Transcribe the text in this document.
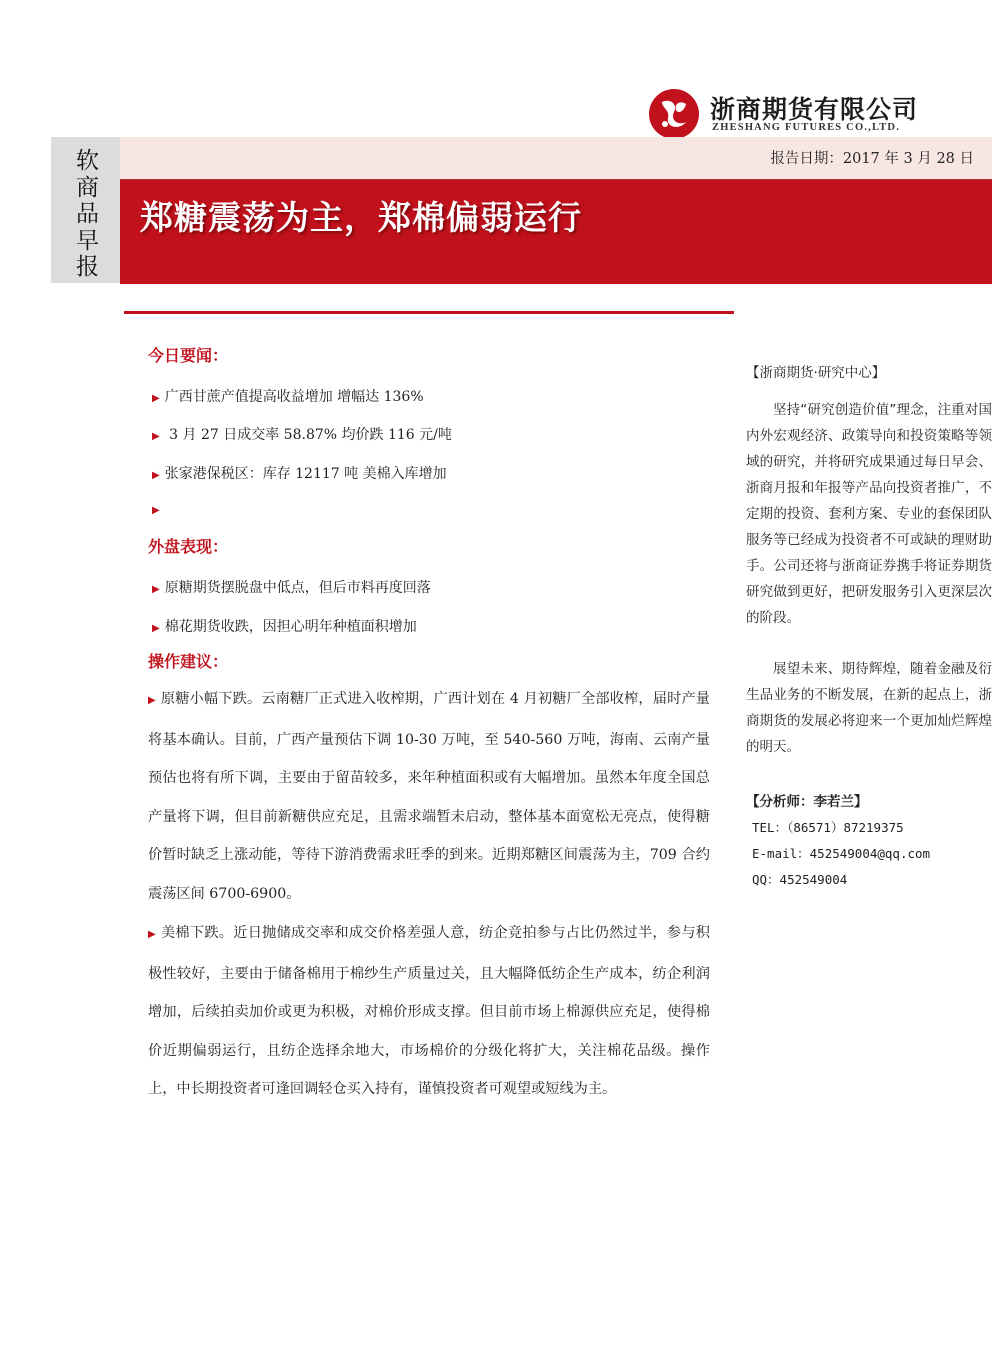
浙商期货有限公司
ZHESHANG FUTURES CO.,LTD.
报告日期：2017 年 3 月 28 日
软商品早报
郑糖震荡为主，郑棉偏弱运行
今日要闻：
▶ 广西甘蔗产值提高收益增加 增幅达 136%
▶ 3 月 27 日成交率 58.87% 均价跌 116 元/吨
▶ 张家港保税区：库存 12117 吨 美棉入库增加
▶
外盘表现：
▶ 原糖期货摆脱盘中低点，但后市料再度回落
▶ 棉花期货收跌，因担心明年种植面积增加
操作建议：
▶ 原糖小幅下跌。云南糖厂正式进入收榨期，广西计划在 4 月初糖厂全部收榨，届时产量将基本确认。目前，广西产量预估下调 10-30 万吨，至 540-560 万吨，海南、云南产量预估也将有所下调，主要由于留苗较多，来年种植面积或有大幅增加。虽然本年度全国总产量将下调，但目前新糖供应充足，且需求端暂未启动，整体基本面宽松无亮点，使得糖价暂时缺乏上涨动能，等待下游消费需求旺季的到来。近期郑糖区间震荡为主，709 合约震荡区间 6700-6900。
▶ 美棉下跌。近日抛储成交率和成交价格差强人意，纺企竞拍参与占比仍然过半，参与积极性较好，主要由于储备棉用于棉纱生产质量过关，且大幅降低纺企生产成本，纺企利润增加，后续拍卖加价或更为积极，对棉价形成支撑。但目前市场上棉源供应充足，使得棉价近期偏弱运行，且纺企选择余地大，市场棉价的分级化将扩大，关注棉花品级。操作上，中长期投资者可逢回调轻仓买入持有，谨慎投资者可观望或短线为主。
【浙商期货·研究中心】
坚持“研究创造价值”理念，注重对国内外宏观经济、政策导向和投资策略等领域的研究，并将研究成果通过每日早会、浙商月报和年报等产品向投资者推广，不定期的投资、套利方案、专业的套保团队服务等已经成为投资者不可或缺的理财助手。公司还将与浙商证券携手将证券期货研究做到更好，把研发服务引入更深层次的阶段。
展望未来、期待辉煌，随着金融及衍生品业务的不断发展，在新的起点上，浙商期货的发展必将迎来一个更加灿烂辉煌的明天。
【分析师：李若兰】
TEL：（86571）87219375
E-mail：452549004@qq.com
QQ：452549004
